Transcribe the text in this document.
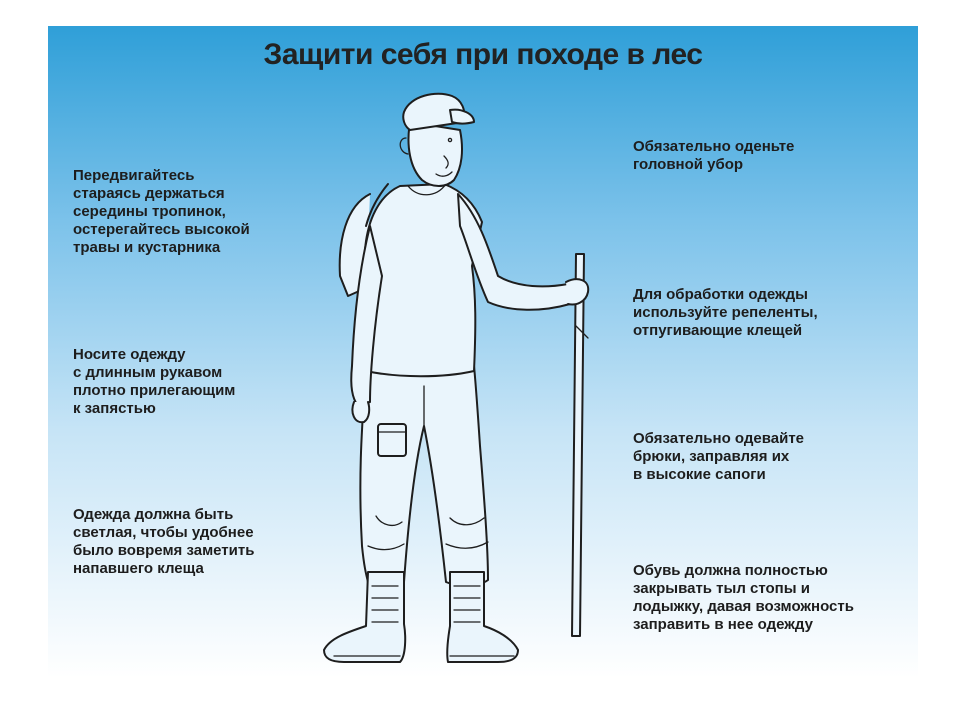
Защити себя при походе в лес

Передвигайтесь
стараясь держаться
середины тропинок,
остерегайтесь высокой
травы и кустарника

Носите одежду
с длинным рукавом
плотно прилегающим
к запястью

Одежда должна быть
светлая, чтобы удобнее
было вовремя заметить
напавшего клеща

Обязательно оденьте
головной убор

Для обработки одежды
используйте репеленты,
отпугивающие клещей

Обязательно одевайте
брюки, заправляя их
в высокие сапоги

Обувь должна полностью
закрывать тыл стопы и
лодыжку, давая возможность
заправить в нее одежду
